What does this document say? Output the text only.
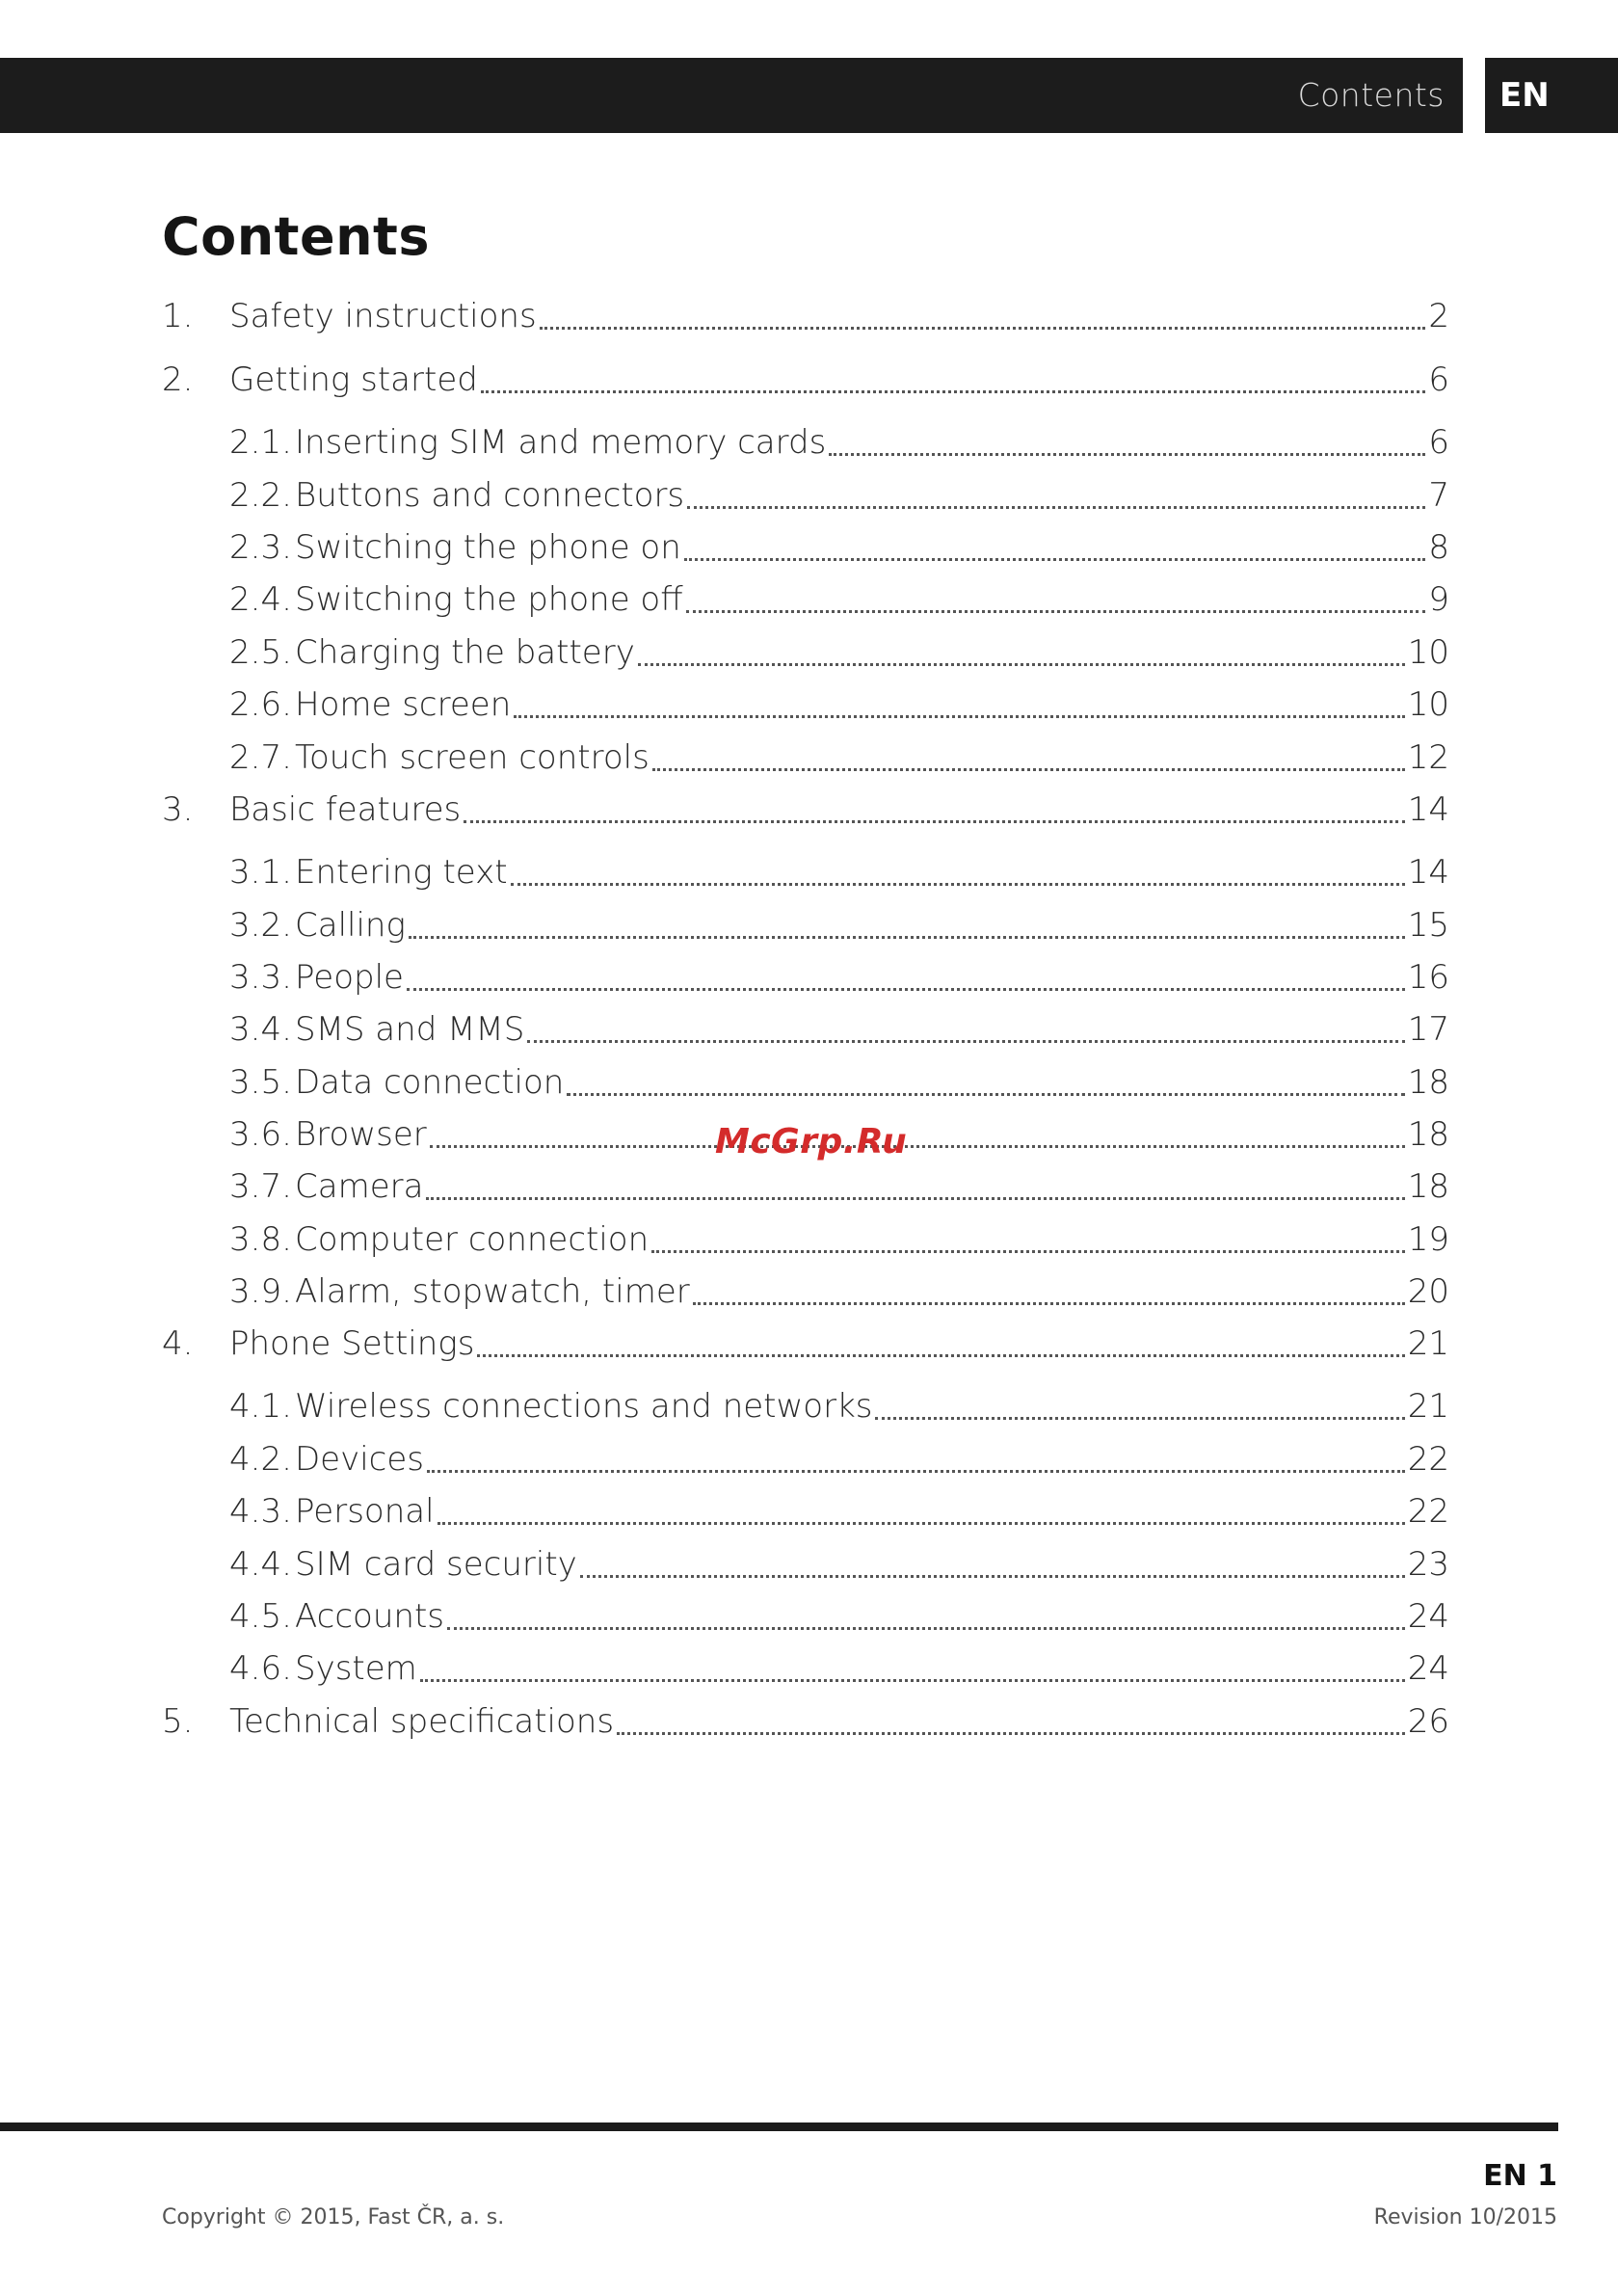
Contents	EN
Contents
1.	Safety instructions	2
2.	Getting started	6
2.1. Inserting SIM and memory cards	6
2.2. Buttons and connectors	7
2.3. Switching the phone on	8
2.4. Switching the phone off	9
2.5. Charging the battery	10
2.6. Home screen	10
2.7. Touch screen controls	12
3.	Basic features	14
3.1. Entering text	14
3.2. Calling	15
3.3. People	16
3.4. SMS and MMS	17
3.5. Data connection	18
3.6. Browser	18
3.7. Camera	18
3.8. Computer connection	19
3.9. Alarm, stopwatch, timer	20
4.	Phone Settings	21
4.1. Wireless connections and networks	21
4.2. Devices	22
4.3. Personal	22
4.4. SIM card security	23
4.5. Accounts	24
4.6. System	24
5.	Technical specifications	26
McGrp.Ru
EN 1
Copyright © 2015, Fast ČR, a. s.	Revision 10/2015
